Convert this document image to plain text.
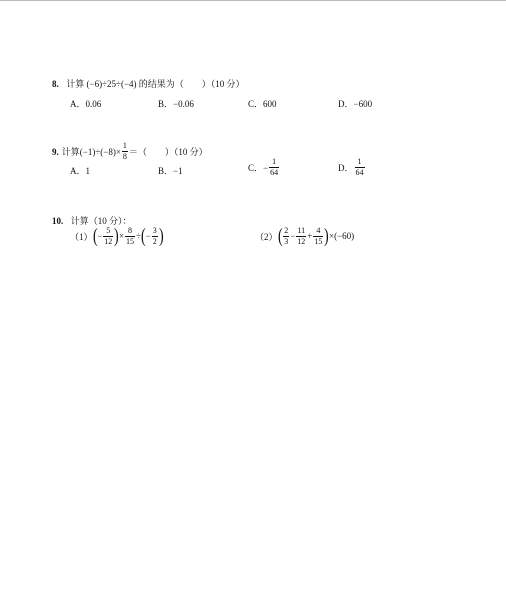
8. 计算 (−6)÷25÷(−4) 的结果为（　　）（10 分）
A．0.06	B．−0.06	C．600	D．−600
9. 计算 $(-1)\div(-8)\times \frac{1}{8}$ ＝（　　）（10 分）
A．1	B．−1	C． − $\frac{1}{64}$	D． $\frac{1}{64}$
10. 计算（10 分）：
（1） ( − $\frac{5}{12}$ ) × $\frac{8}{15}$ ÷ ( − $\frac{3}{2}$ )	（2） ( $\frac{2}{3} - \frac{11}{12} + \frac{4}{15}$ ) ×(−60)
